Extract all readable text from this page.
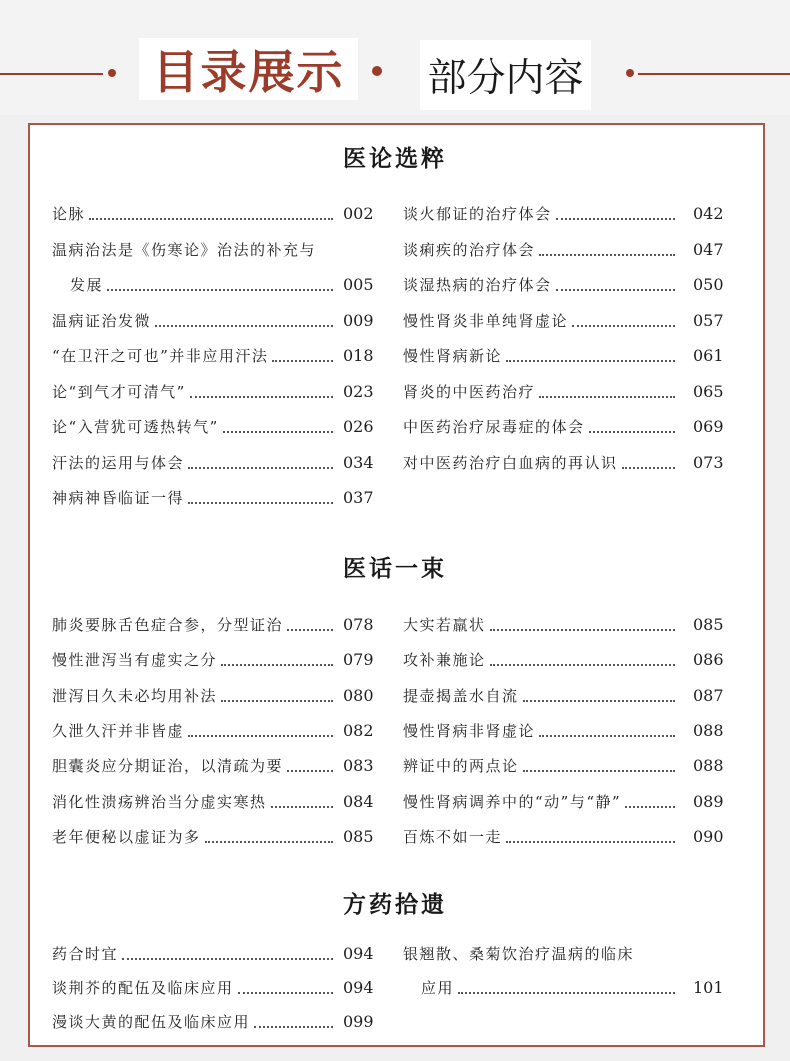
目录展示	部分内容
医论选粹
医话一束
方药拾遗
论脉	002
温病治法是《伤寒论》治法的补充与
发展	005
温病证治发微	009
“在卫汗之可也”并非应用汗法	018
论“到气才可清气”	023
论“入营犹可透热转气”	026
汗法的运用与体会	034
神病神昏临证一得	037
谈火郁证的治疗体会	042
谈痢疾的治疗体会	047
谈湿热病的治疗体会	050
慢性肾炎非单纯肾虚论	057
慢性肾病新论	061
肾炎的中医药治疗	065
中医药治疗尿毒症的体会	069
对中医药治疗白血病的再认识	073
肺炎要脉舌色症合参，分型证治	078
慢性泄泻当有虚实之分	079
泄泻日久未必均用补法	080
久泄久汗并非皆虚	082
胆囊炎应分期证治，以清疏为要	083
消化性溃疡辨治当分虚实寒热	084
老年便秘以虚证为多	085
大实若羸状	085
攻补兼施论	086
提壶揭盖水自流	087
慢性肾病非肾虚论	088
辨证中的两点论	088
慢性肾病调养中的“动”与“静”	089
百炼不如一走	090
药合时宜	094
谈荆芥的配伍及临床应用	094
漫谈大黄的配伍及临床应用	099
银翘散、桑菊饮治疗温病的临床
应用	101
